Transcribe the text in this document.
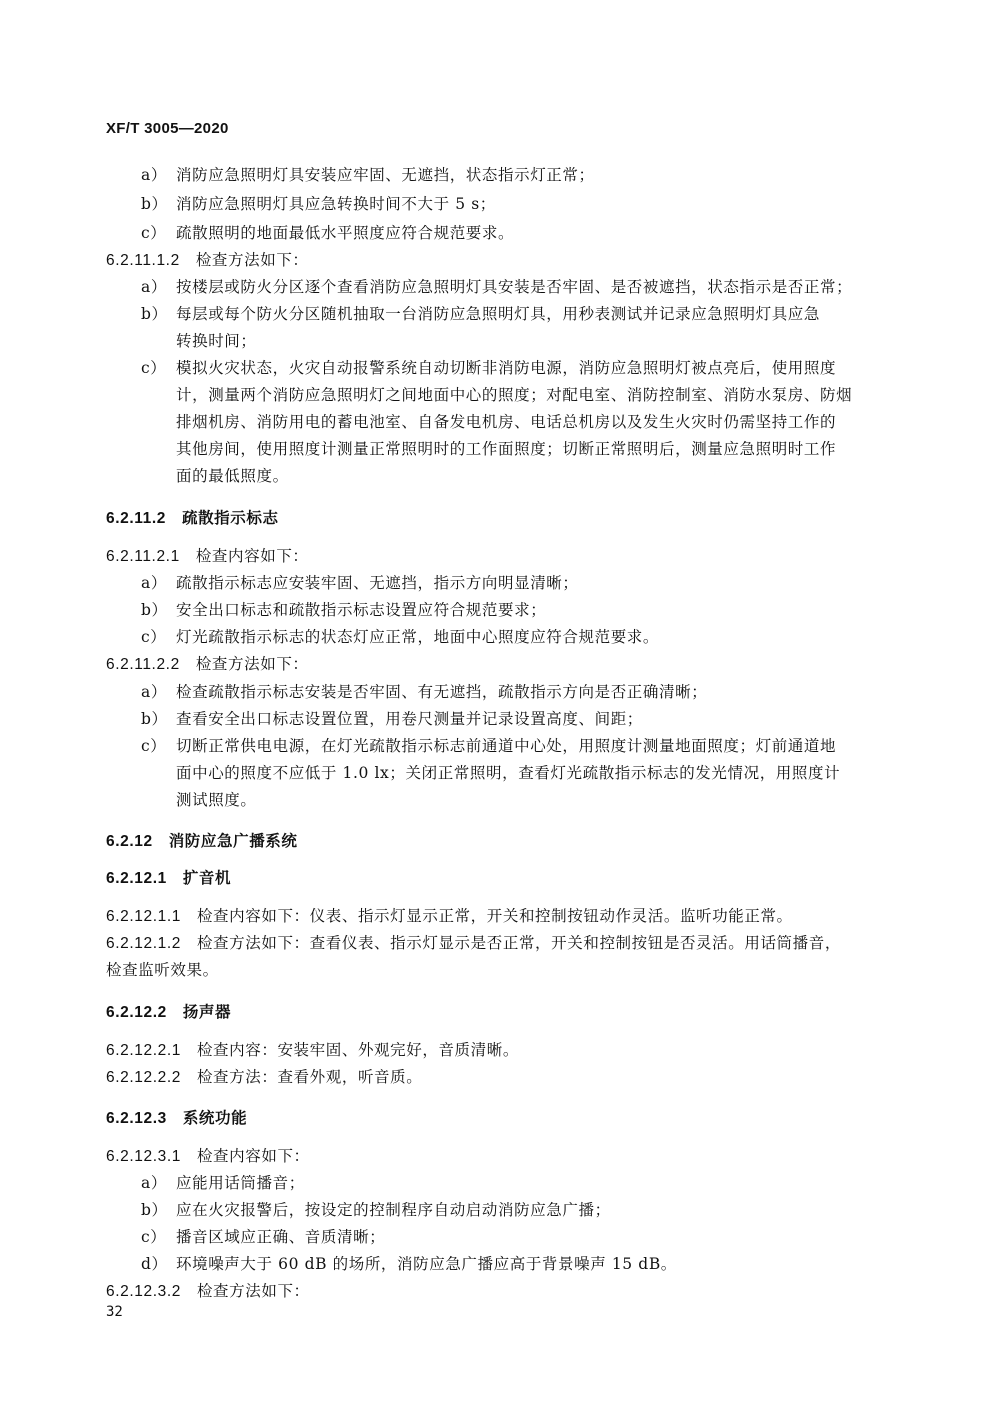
XF/T 3005—2020

a） 消防应急照明灯具安装应牢固、无遮挡，状态指示灯正常；

b） 消防应急照明灯具应急转换时间不大于 5 s；

c） 疏散照明的地面最低水平照度应符合规范要求。

6.2.11.1.2 检查方法如下：

a） 按楼层或防火分区逐个查看消防应急照明灯具安装是否牢固、是否被遮挡，状态指示是否正常；

b） 每层或每个防火分区随机抽取一台消防应急照明灯具，用秒表测试并记录应急照明灯具应急

转换时间；

c） 模拟火灾状态，火灾自动报警系统自动切断非消防电源，消防应急照明灯被点亮后，使用照度

计，测量两个消防应急照明灯之间地面中心的照度；对配电室、消防控制室、消防水泵房、防烟

排烟机房、消防用电的蓄电池室、自备发电机房、电话总机房以及发生火灾时仍需坚持工作的

其他房间，使用照度计测量正常照明时的工作面照度；切断正常照明后，测量应急照明时工作

面的最低照度。

6.2.11.2 疏散指示标志

6.2.11.2.1 检查内容如下：

a） 疏散指示标志应安装牢固、无遮挡，指示方向明显清晰；

b） 安全出口标志和疏散指示标志设置应符合规范要求；

c） 灯光疏散指示标志的状态灯应正常，地面中心照度应符合规范要求。

6.2.11.2.2 检查方法如下：

a） 检查疏散指示标志安装是否牢固、有无遮挡，疏散指示方向是否正确清晰；

b） 查看安全出口标志设置位置，用卷尺测量并记录设置高度、间距；

c） 切断正常供电电源，在灯光疏散指示标志前通道中心处，用照度计测量地面照度；灯前通道地

面中心的照度不应低于 1.0 lx；关闭正常照明，查看灯光疏散指示标志的发光情况，用照度计

测试照度。

6.2.12 消防应急广播系统

6.2.12.1 扩音机

6.2.12.1.1 检查内容如下：仪表、指示灯显示正常，开关和控制按钮动作灵活。监听功能正常。

6.2.12.1.2 检查方法如下：查看仪表、指示灯显示是否正常，开关和控制按钮是否灵活。用话筒播音，

检查监听效果。

6.2.12.2 扬声器

6.2.12.2.1 检查内容：安装牢固、外观完好，音质清晰。

6.2.12.2.2 检查方法：查看外观，听音质。

6.2.12.3 系统功能

6.2.12.3.1 检查内容如下：

a） 应能用话筒播音；

b） 应在火灾报警后，按设定的控制程序自动启动消防应急广播；

c） 播音区域应正确、音质清晰；

d） 环境噪声大于 60 dB 的场所，消防应急广播应高于背景噪声 15 dB。

6.2.12.3.2 检查方法如下：

32
